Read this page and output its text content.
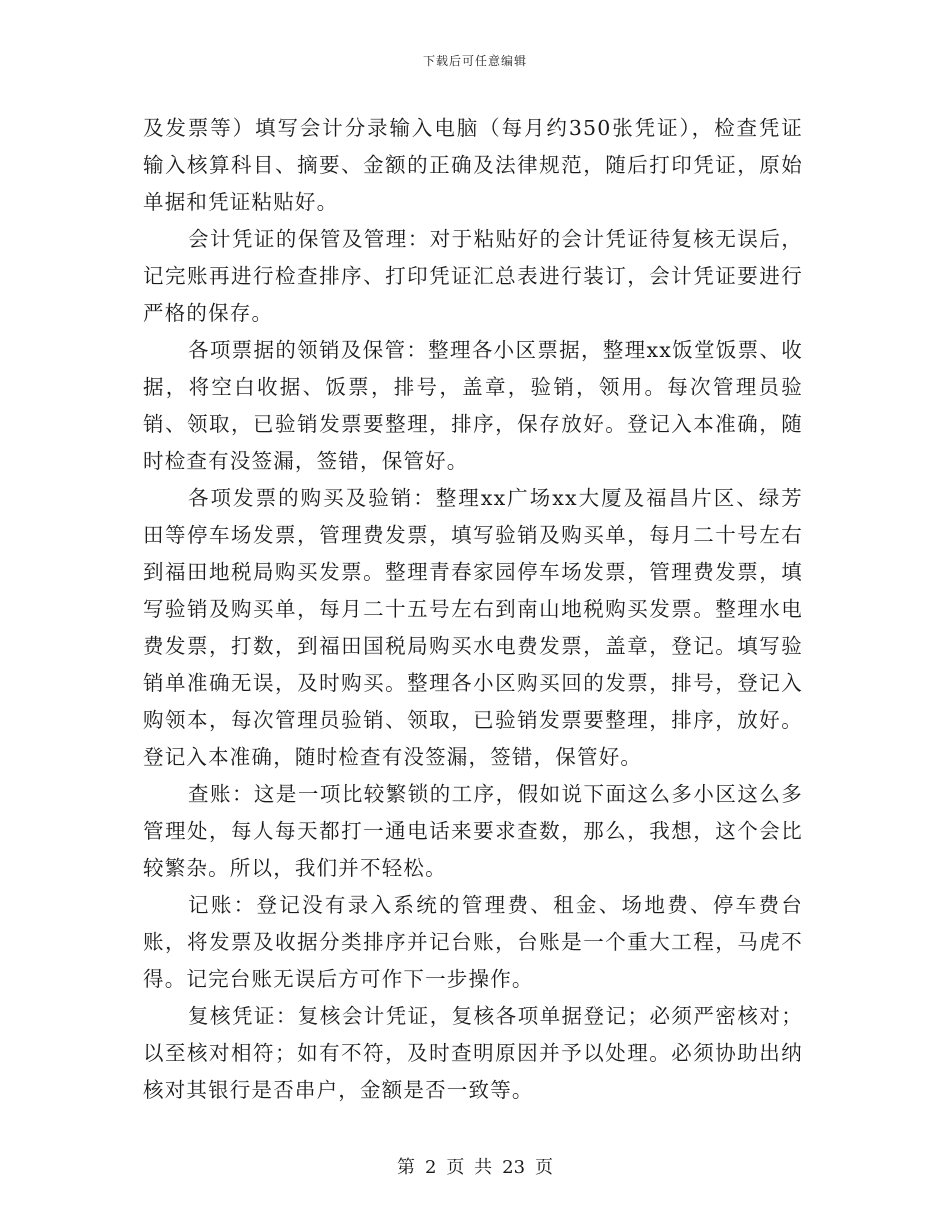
下载后可任意编辑

及发票等）填写会计分录输入电脑（每月约350张凭证），检查凭证输入核算科目、摘要、金额的正确及法律规范，随后打印凭证，原始单据和凭证粘贴好。

会计凭证的保管及管理：对于粘贴好的会计凭证待复核无误后，记完账再进行检查排序、打印凭证汇总表进行装订，会计凭证要进行严格的保存。

各项票据的领销及保管：整理各小区票据，整理xx饭堂饭票、收据，将空白收据、饭票，排号，盖章，验销，领用。每次管理员验销、领取，已验销发票要整理，排序，保存放好。登记入本准确，随时检查有没签漏，签错，保管好。

各项发票的购买及验销：整理xx广场xx大厦及福昌片区、绿芳田等停车场发票，管理费发票，填写验销及购买单，每月二十号左右到福田地税局购买发票。整理青春家园停车场发票，管理费发票，填写验销及购买单，每月二十五号左右到南山地税购买发票。整理水电费发票，打数，到福田国税局购买水电费发票，盖章，登记。填写验销单准确无误，及时购买。整理各小区购买回的发票，排号，登记入购领本，每次管理员验销、领取，已验销发票要整理，排序，放好。登记入本准确，随时检查有没签漏，签错，保管好。

查账：这是一项比较繁锁的工序，假如说下面这么多小区这么多管理处，每人每天都打一通电话来要求查数，那么，我想，这个会比较繁杂。所以，我们并不轻松。

记账：登记没有录入系统的管理费、租金、场地费、停车费台账，将发票及收据分类排序并记台账，台账是一个重大工程，马虎不得。记完台账无误后方可作下一步操作。

复核凭证：复核会计凭证，复核各项单据登记；必须严密核对；以至核对相符；如有不符，及时查明原因并予以处理。必须协助出纳核对其银行是否串户，金额是否一致等。

第 2 页 共 23 页
